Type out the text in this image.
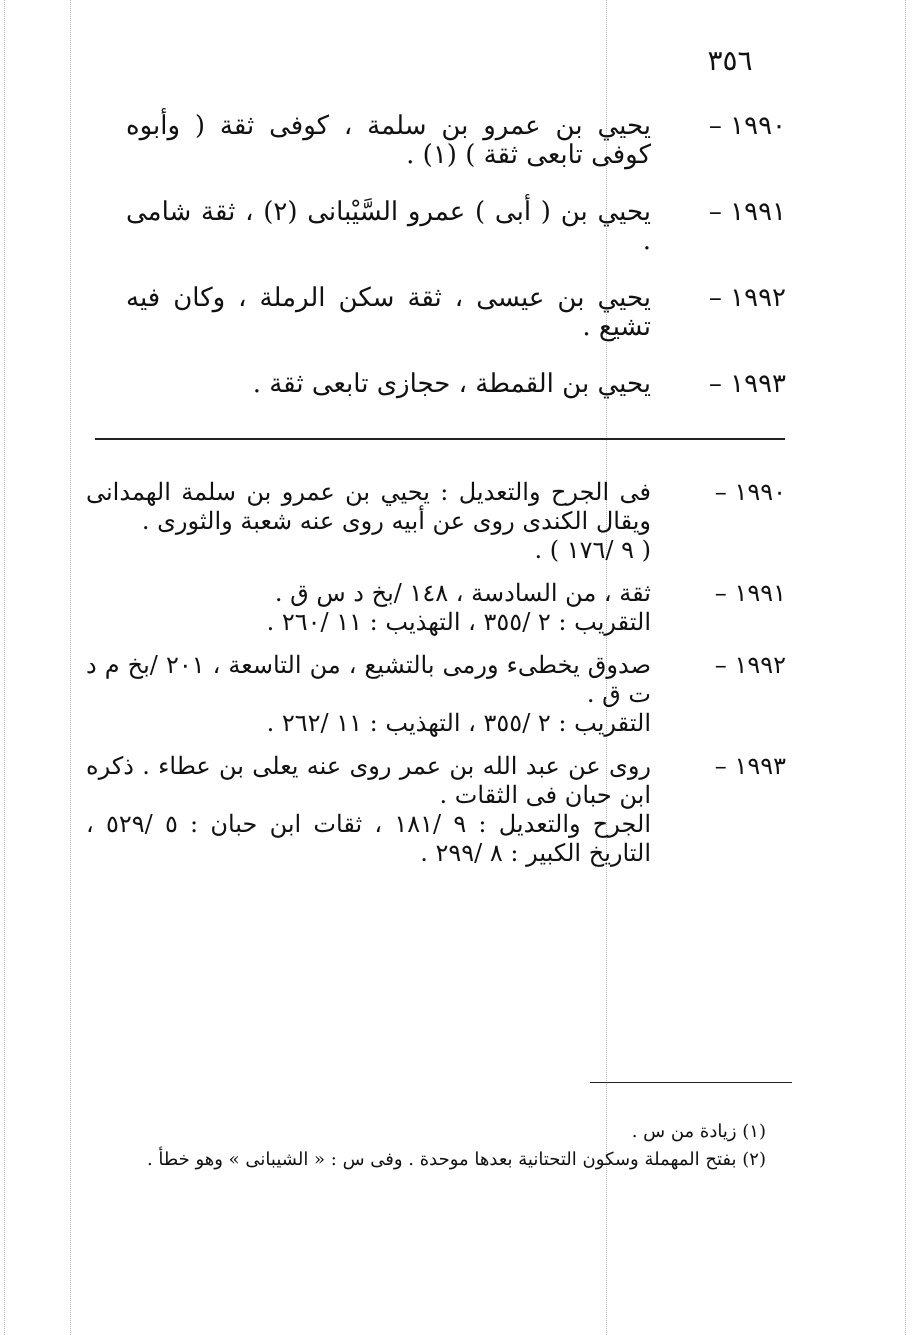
٣٥٦
١٩٩٠ –
يحيي بن عمرو بن سلمة ، كوفى ثقة ( وأبوه كوفى تابعى ثقة ) (١) .
١٩٩١ –
يحيي بن ( أبى ) عمرو السَّيْبانى (٢) ، ثقة شامى .
١٩٩٢ –
يحيي بن عيسى ، ثقة سكن الرملة ، وكان فيه تشيع .
١٩٩٣ –
يحيي بن القمطة ، حجازى تابعى ثقة .
١٩٩٠ –
فى الجرح والتعديل : يحيي بن عمرو بن سلمة الهمدانى ويقال الكندى روى عن أبيه روى عنه شعبة والثورى .
( ٩ /١٧٦ ) .
١٩٩١ –
ثقة ، من السادسة ، ١٤٨ /بخ د س ق .
التقريب : ٢ /٣٥٥ ، التهذيب : ١١ /٢٦٠ .
١٩٩٢ –
صدوق يخطىء ورمى بالتشيع ، من التاسعة ، ٢٠١ /بخ م د ت ق .
التقريب : ٢ /٣٥٥ ، التهذيب : ١١ /٢٦٢ .
١٩٩٣ –
روى عن عبد الله بن عمر روى عنه يعلى بن عطاء . ذكره ابن حبان فى الثقات .
الجرح والتعديل : ٩ /١٨١ ، ثقات ابن حبان : ٥ /٥٢٩ ، التاريخ الكبير : ٨ /٢٩٩ .
(١) زيادة من س .
(٢) بفتح المهملة وسكون التحتانية بعدها موحدة . وفى س : « الشيبانى » وهو خطأ .
